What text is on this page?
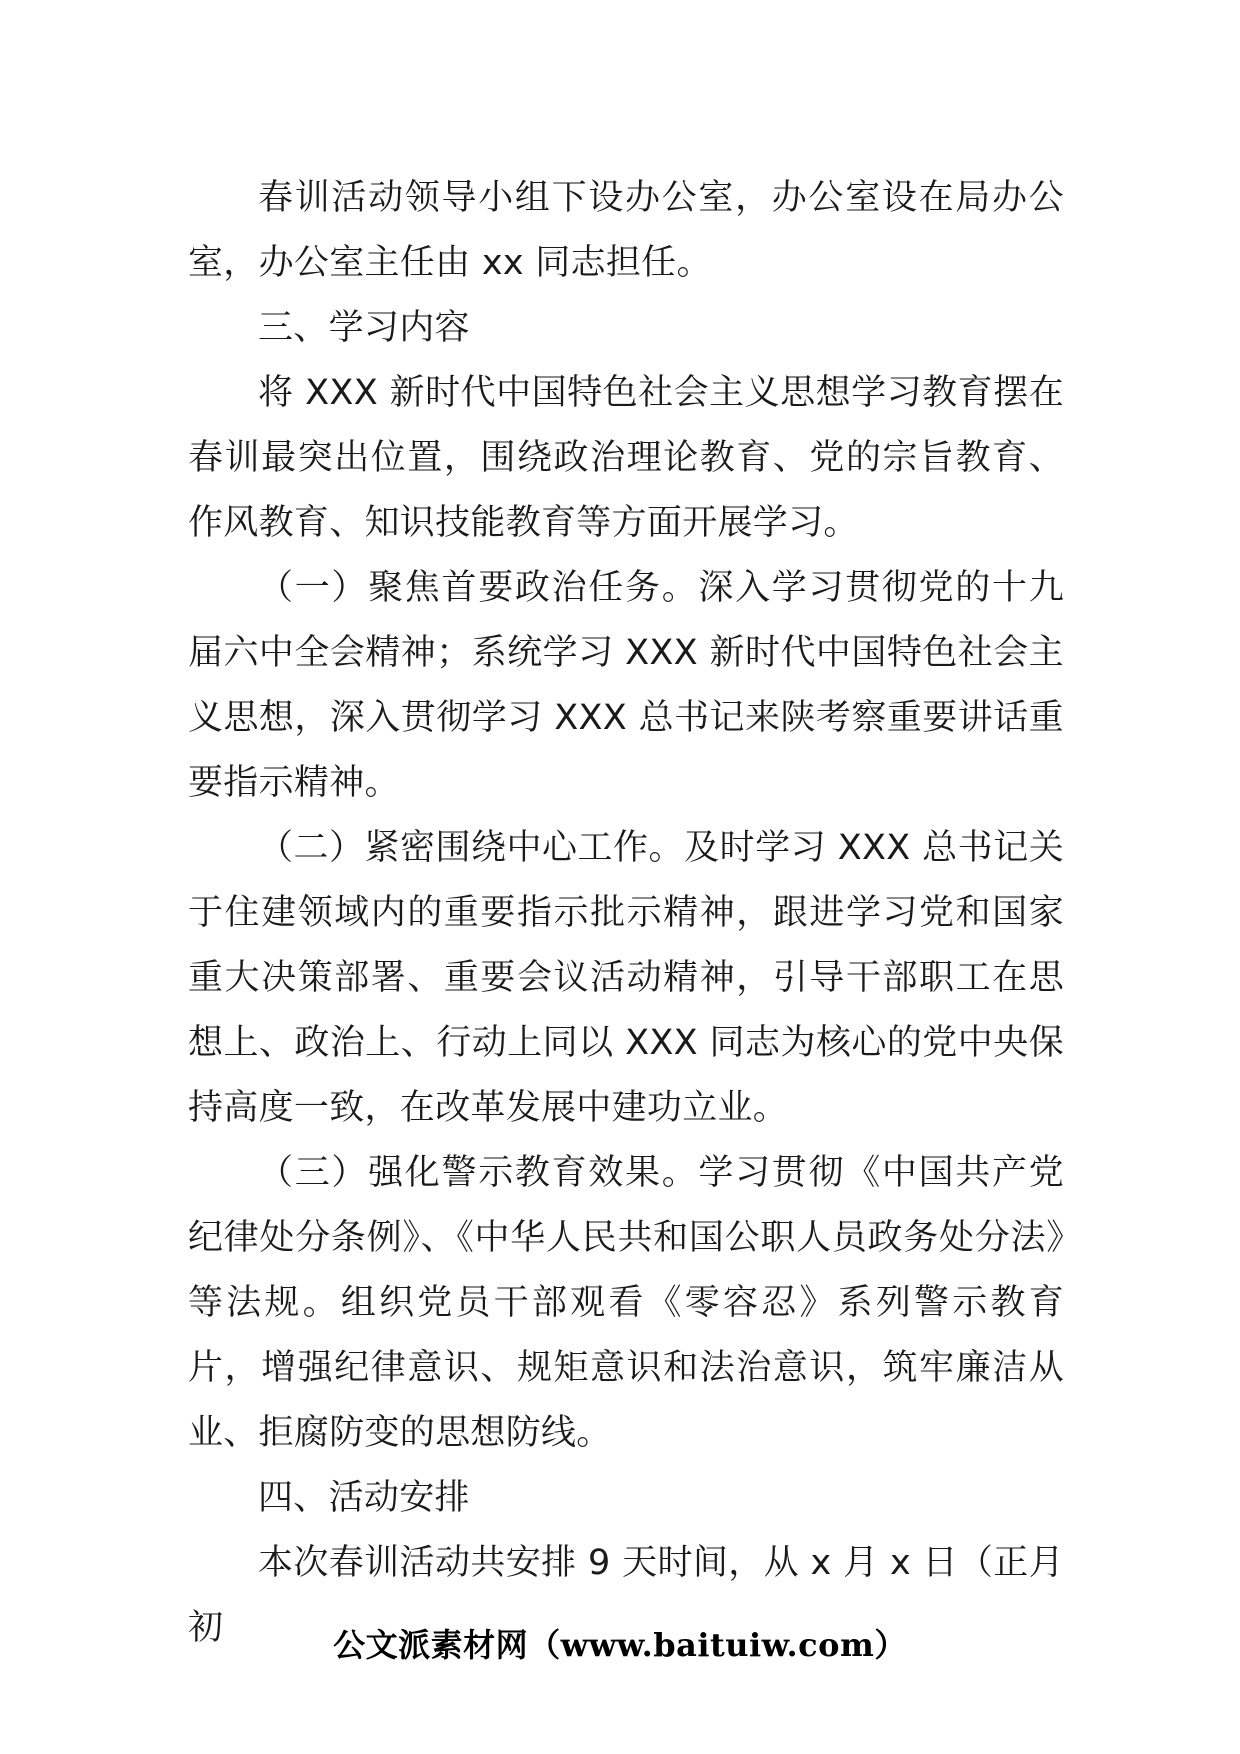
春训活动领导小组下设办公室，办公室设在局办公室，办公室主任由 xx 同志担任。

三、学习内容

将 XXX 新时代中国特色社会主义思想学习教育摆在春训最突出位置，围绕政治理论教育、党的宗旨教育、作风教育、知识技能教育等方面开展学习。

（一）聚焦首要政治任务。深入学习贯彻党的十九届六中全会精神；系统学习 XXX 新时代中国特色社会主义思想，深入贯彻学习 XXX 总书记来陕考察重要讲话重要指示精神。

（二）紧密围绕中心工作。及时学习 XXX 总书记关于住建领域内的重要指示批示精神，跟进学习党和国家重大决策部署、重要会议活动精神，引导干部职工在思想上、政治上、行动上同以 XXX 同志为核心的党中央保持高度一致，在改革发展中建功立业。

（三）强化警示教育效果。学习贯彻《中国共产党纪律处分条例》、《中华人民共和国公职人员政务处分法》等法规。组织党员干部观看《零容忍》系列警示教育片，增强纪律意识、规矩意识和法治意识，筑牢廉洁从业、拒腐防变的思想防线。

四、活动安排

本次春训活动共安排 9 天时间，从 x 月 x 日（正月初	公文派素材网（www.baituiw.com）
